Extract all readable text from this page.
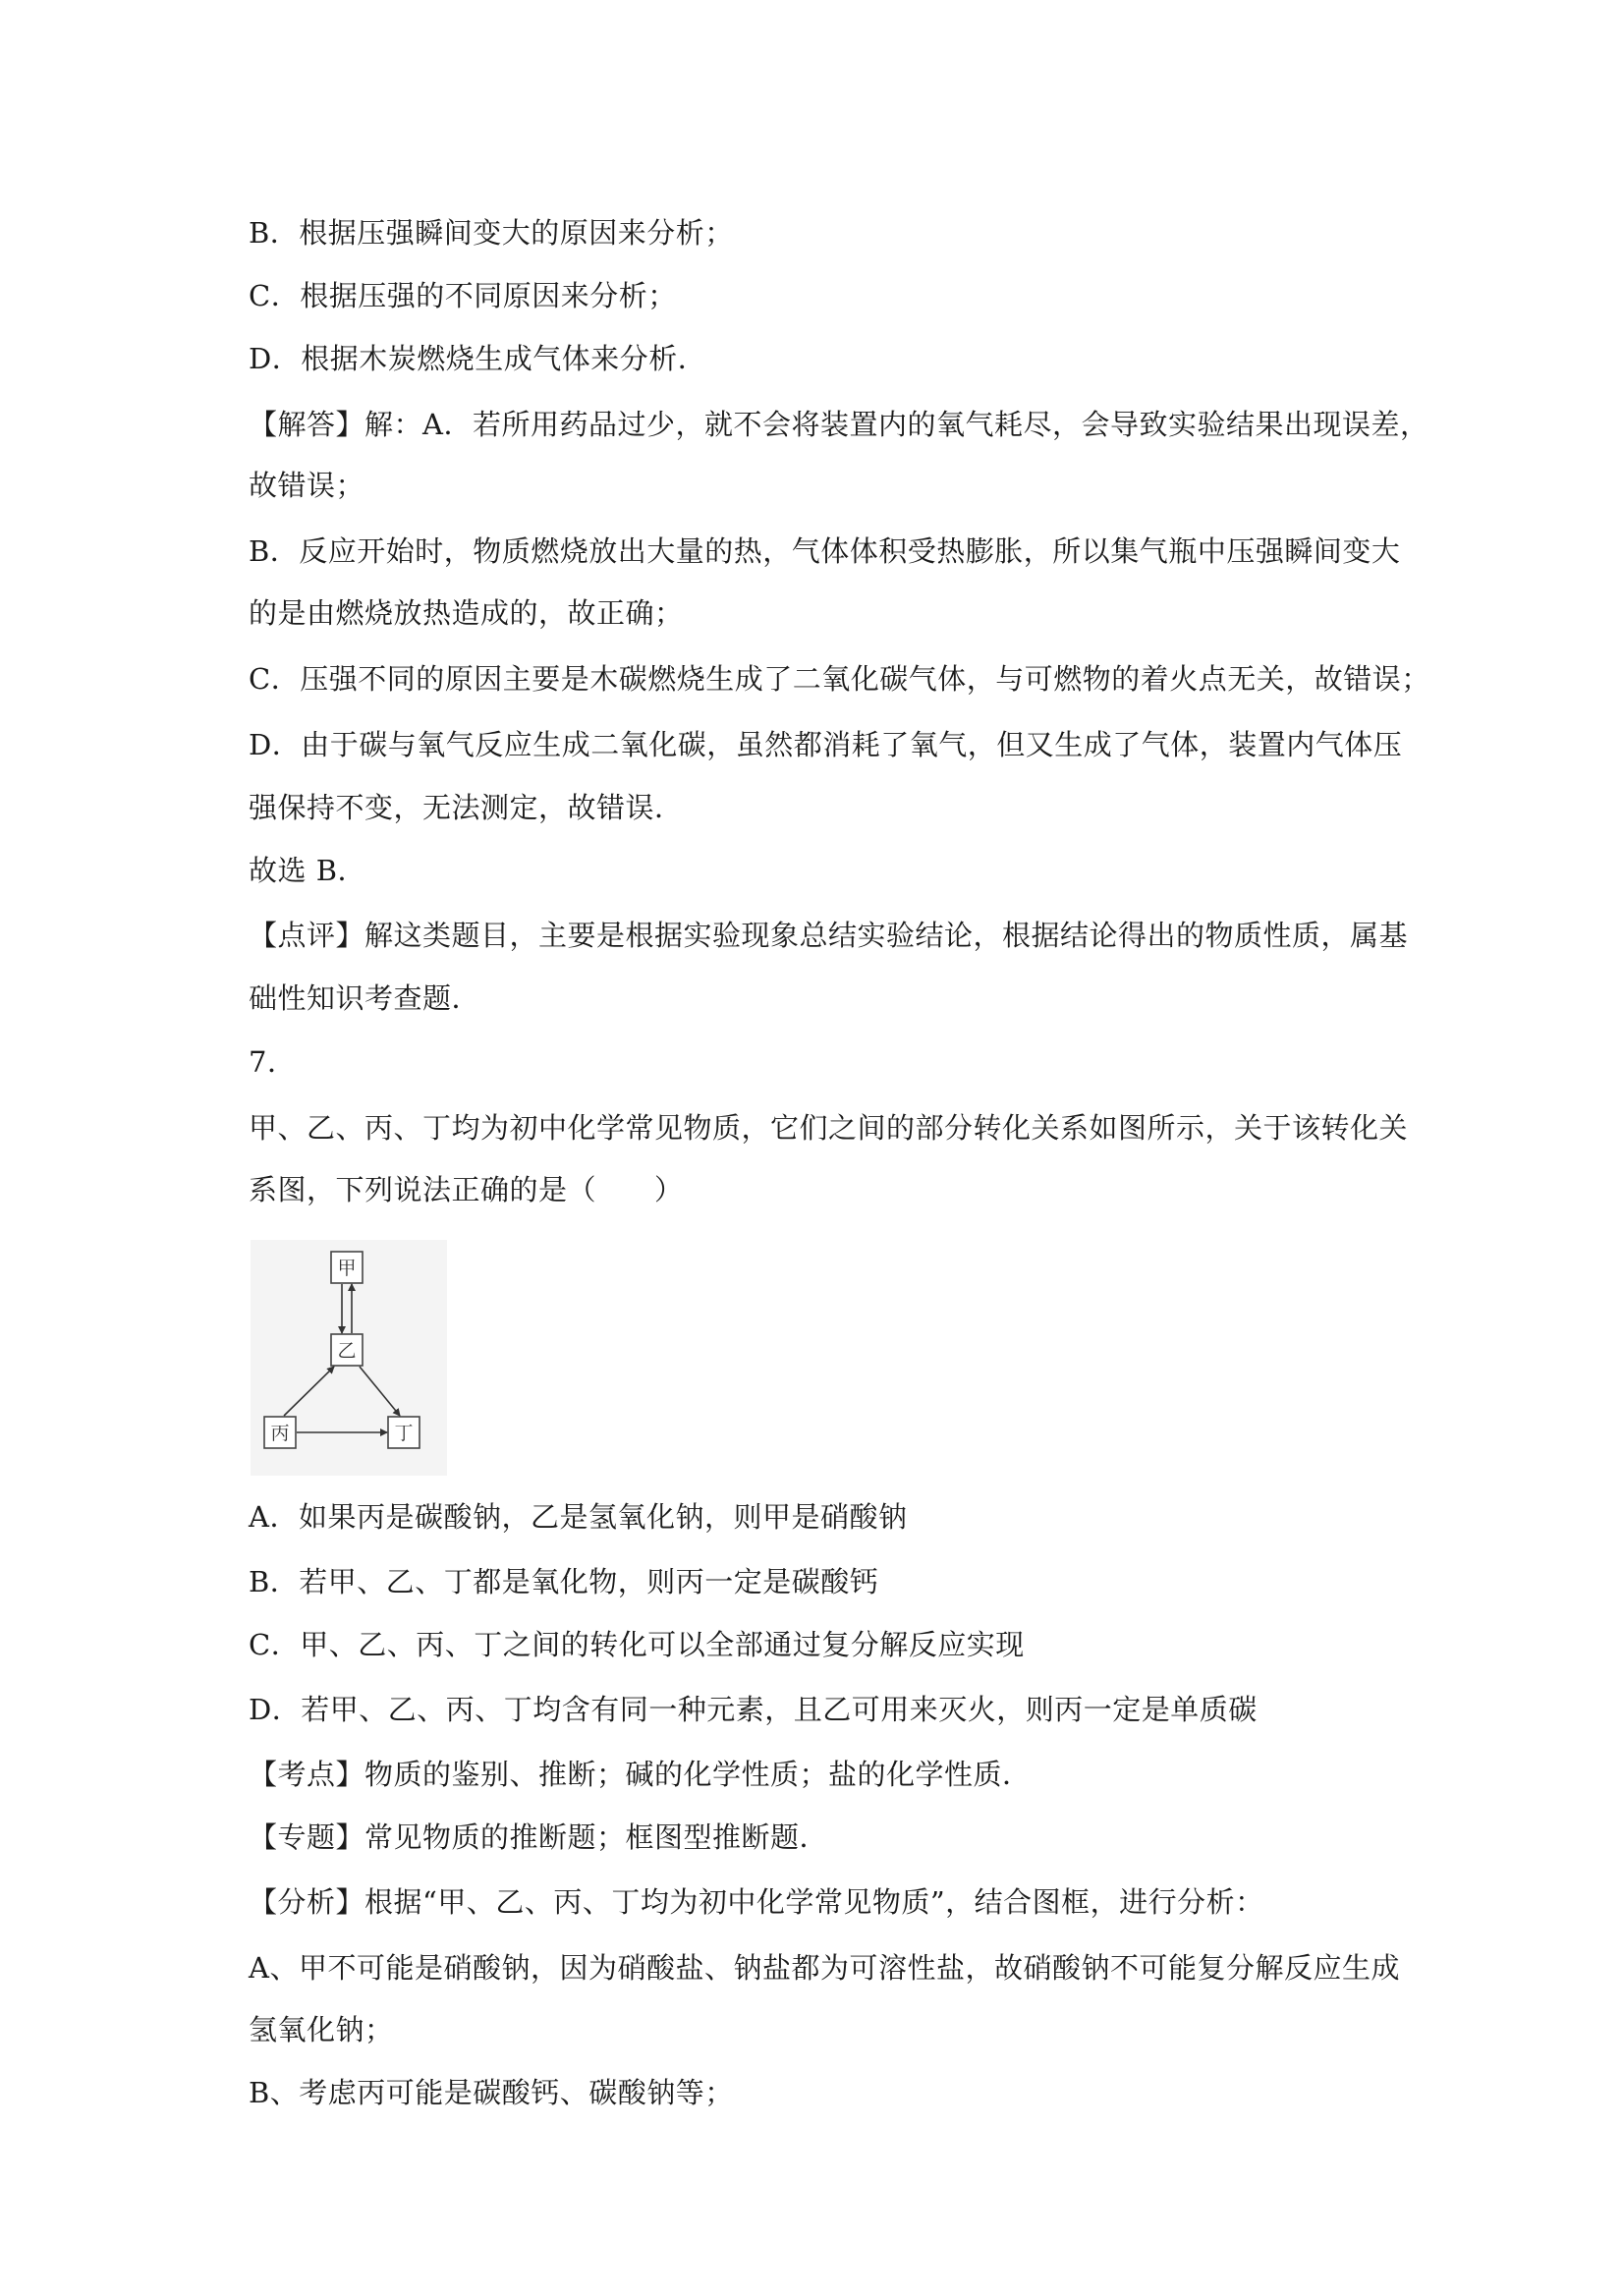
B．根据压强瞬间变大的原因来分析；
C．根据压强的不同原因来分析；
D．根据木炭燃烧生成气体来分析．
【解答】解：A．若所用药品过少，就不会将装置内的氧气耗尽，会导致实验结果出现误差，
故错误；
B．反应开始时，物质燃烧放出大量的热，气体体积受热膨胀，所以集气瓶中压强瞬间变大
的是由燃烧放热造成的，故正确；
C．压强不同的原因主要是木碳燃烧生成了二氧化碳气体，与可燃物的着火点无关，故错误；
D．由于碳与氧气反应生成二氧化碳，虽然都消耗了氧气，但又生成了气体，装置内气体压
强保持不变，无法测定，故错误．
故选 B．
【点评】解这类题目，主要是根据实验现象总结实验结论，根据结论得出的物质性质，属基
础性知识考查题．
7．
甲、乙、丙、丁均为初中化学常见物质，它们之间的部分转化关系如图所示，关于该转化关
系图，下列说法正确的是（　　）
甲
乙
丙	丁
A．如果丙是碳酸钠，乙是氢氧化钠，则甲是硝酸钠
B．若甲、乙、丁都是氧化物，则丙一定是碳酸钙
C．甲、乙、丙、丁之间的转化可以全部通过复分解反应实现
D．若甲、乙、丙、丁均含有同一种元素，且乙可用来灭火，则丙一定是单质碳
【考点】物质的鉴别、推断；碱的化学性质；盐的化学性质．
【专题】常见物质的推断题；框图型推断题．
【分析】根据“甲、乙、丙、丁均为初中化学常见物质”，结合图框，进行分析：
A、甲不可能是硝酸钠，因为硝酸盐、钠盐都为可溶性盐，故硝酸钠不可能复分解反应生成
氢氧化钠；
B、考虑丙可能是碳酸钙、碳酸钠等；
